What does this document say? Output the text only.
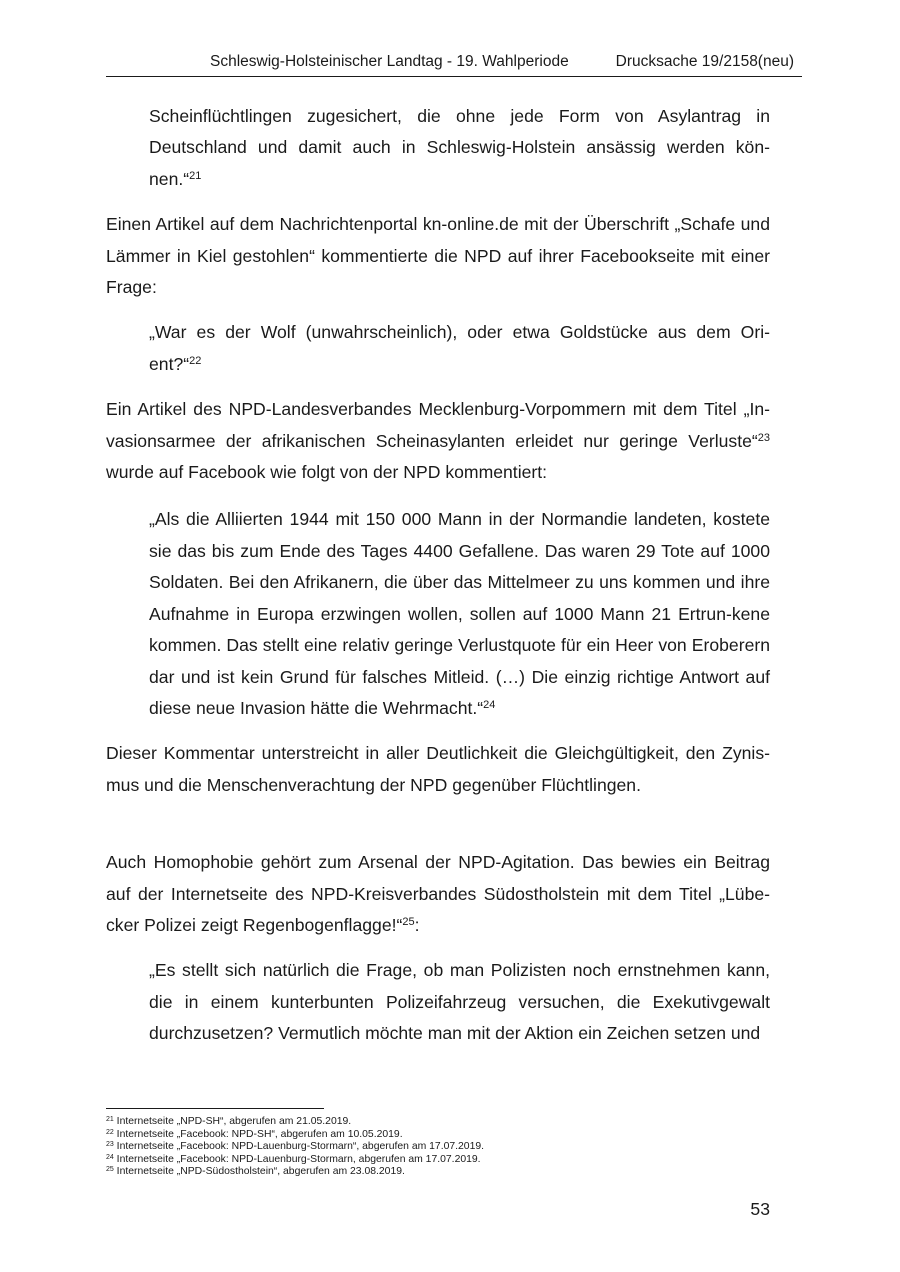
Schleswig-Holsteinischer Landtag - 19. Wahlperiode	Drucksache 19/2158(neu)

Scheinflüchtlingen zugesichert, die ohne jede Form von Asylantrag in Deutschland und damit auch in Schleswig-Holstein ansässig werden kön-nen.“$^{21}$

Einen Artikel auf dem Nachrichtenportal kn-online.de mit der Überschrift „Schafe und Lämmer in Kiel gestohlen“ kommentierte die NPD auf ihrer Facebookseite mit einer Frage:

„War es der Wolf (unwahrscheinlich), oder etwa Goldstücke aus dem Ori-ent?“$^{22}$

Ein Artikel des NPD-Landesverbandes Mecklenburg-Vorpommern mit dem Titel „In-vasionsarmee der afrikanischen Scheinasylanten erleidet nur geringe Verluste“$^{23}$ wurde auf Facebook wie folgt von der NPD kommentiert:

„Als die Alliierten 1944 mit 150 000 Mann in der Normandie landeten, kostete sie das bis zum Ende des Tages 4400 Gefallene. Das waren 29 Tote auf 1000 Soldaten. Bei den Afrikanern, die über das Mittelmeer zu uns kommen und ihre Aufnahme in Europa erzwingen wollen, sollen auf 1000 Mann 21 Ertrun-kene kommen. Das stellt eine relativ geringe Verlustquote für ein Heer von Eroberern dar und ist kein Grund für falsches Mitleid. (…) Die einzig richtige Antwort auf diese neue Invasion hätte die Wehrmacht.“$^{24}$

Dieser Kommentar unterstreicht in aller Deutlichkeit die Gleichgültigkeit, den Zynis-mus und die Menschenverachtung der NPD gegenüber Flüchtlingen.

Auch Homophobie gehört zum Arsenal der NPD-Agitation. Das bewies ein Beitrag auf der Internetseite des NPD-Kreisverbandes Südostholstein mit dem Titel „Lübe-cker Polizei zeigt Regenbogenflagge!“$^{25}$:

„Es stellt sich natürlich die Frage, ob man Polizisten noch ernstnehmen kann, die in einem kunterbunten Polizeifahrzeug versuchen, die Exekutivgewalt durchzusetzen? Vermutlich möchte man mit der Aktion ein Zeichen setzen und

$^{21}$ Internetseite „NPD-SH“, abgerufen am 21.05.2019.
$^{22}$ Internetseite „Facebook: NPD-SH“, abgerufen am 10.05.2019.
$^{23}$ Internetseite „Facebook: NPD-Lauenburg-Stormarn“, abgerufen am 17.07.2019.
$^{24}$ Internetseite „Facebook: NPD-Lauenburg-Stormarn, abgerufen am 17.07.2019.
$^{25}$ Internetseite „NPD-Südostholstein“, abgerufen am 23.08.2019.
53
